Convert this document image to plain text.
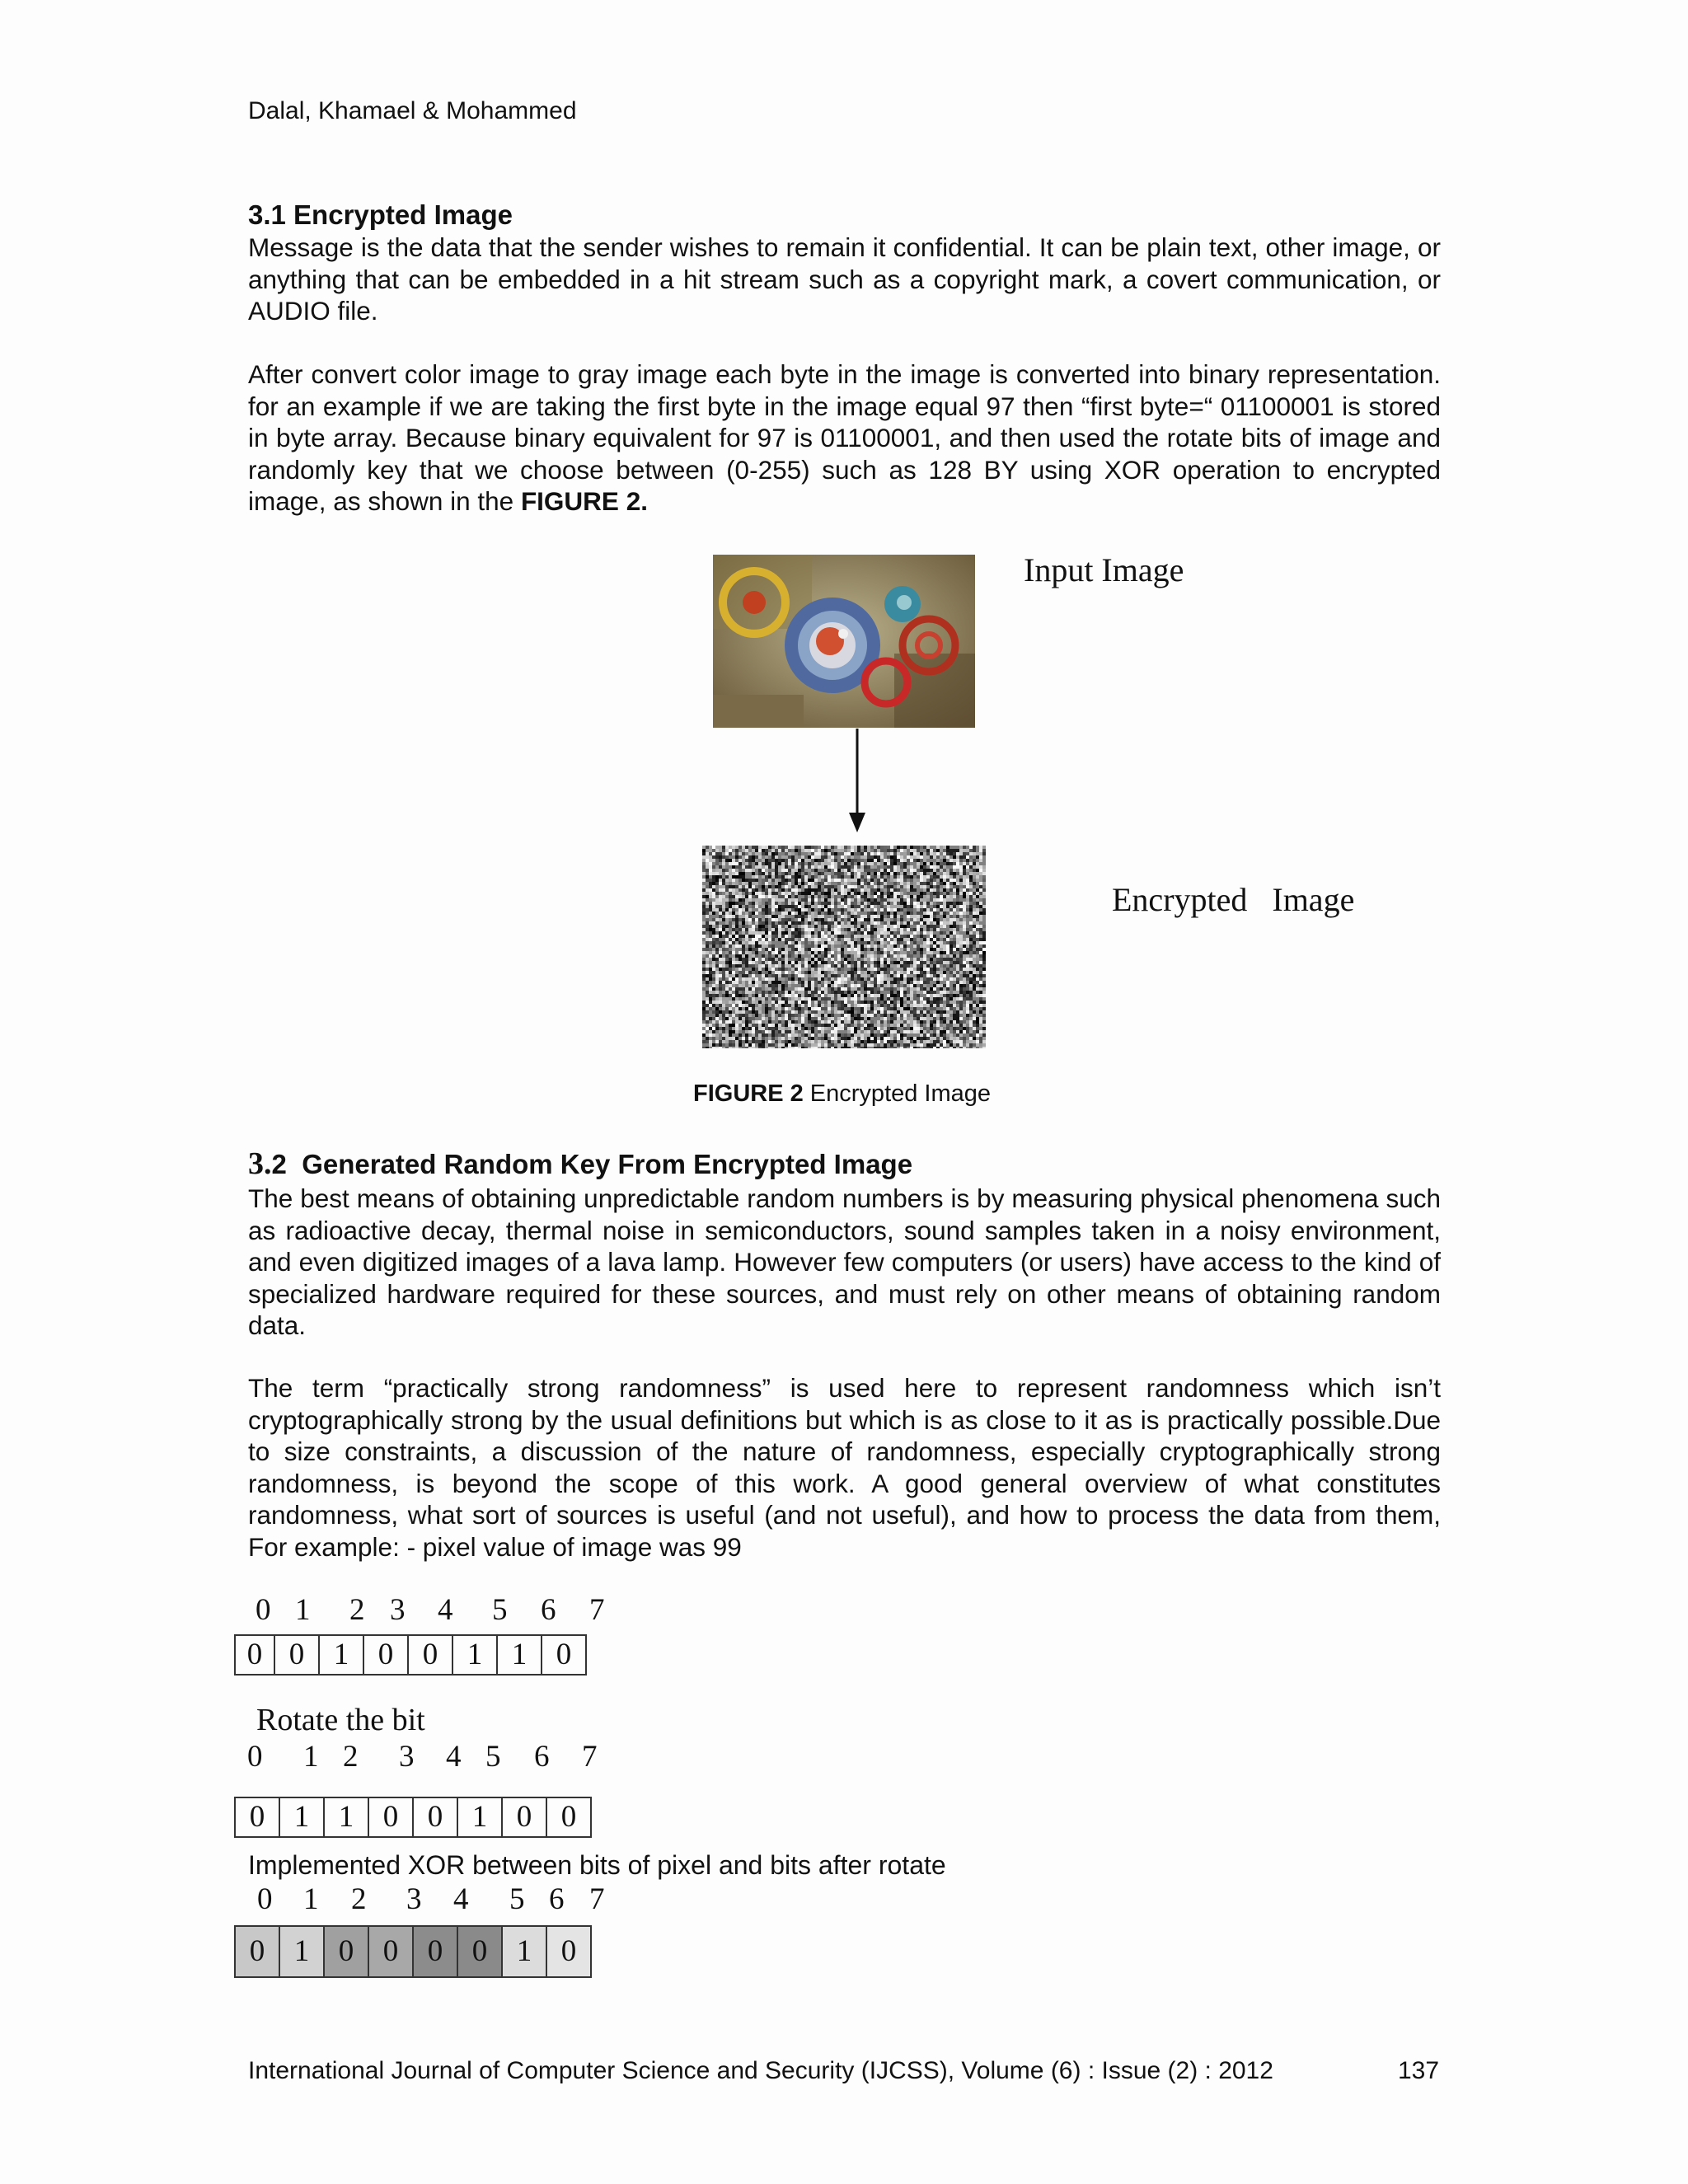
Dalal, Khamael & Mohammed
3.1 Encrypted Image
Message is the data that the sender wishes to remain it confidential. It can be plain text, other image, or anything that can be embedded in a hit stream such as a copyright mark, a covert communication, or AUDIO file.
After convert color image to gray image each byte in the image is converted into binary representation. for an example if we are taking the first byte in the image equal 97 then “first byte=“ 01100001 is stored in byte array. Because binary equivalent for 97 is 01100001, and then used the rotate bits of image and randomly key that we choose between (0-255) such as 128 BY using XOR operation to encrypted image, as shown in the FIGURE 2.
Input Image
Encrypted   Image
FIGURE 2 Encrypted Image
3.2 Generated Random Key From Encrypted Image
The best means of obtaining unpredictable random numbers is by measuring physical phenomena such as radioactive decay, thermal noise in semiconductors, sound samples taken in a noisy environment, and even digitized images of a lava lamp. However few computers (or users) have access to the kind of specialized hardware required for these sources, and must rely on other means of obtaining random data.
The term “practically strong randomness” is used here to represent randomness which isn’t cryptographically strong by the usual definitions but which is as close to it as is practically possible.Due to size constraints, a discussion of the nature of randomness, especially cryptographically strong randomness, is beyond the scope of this work. A good general overview of what constitutes randomness, what sort of sources is useful (and not useful), and how to process the data from them, For example: - pixel value of image was 99
0 1 2 3 4 5 6 7
0	0	1	0	0	1	1	0
Rotate the bit
0 1 2 3 4 5 6 7
0	1	1	0	0	1	0	0
Implemented XOR between bits of pixel and bits after rotate
0 1 2 3 4 5 6 7
0	1	0	0	0	0	1	0
International Journal of Computer Science and Security (IJCSS), Volume (6) : Issue (2) : 2012	137
